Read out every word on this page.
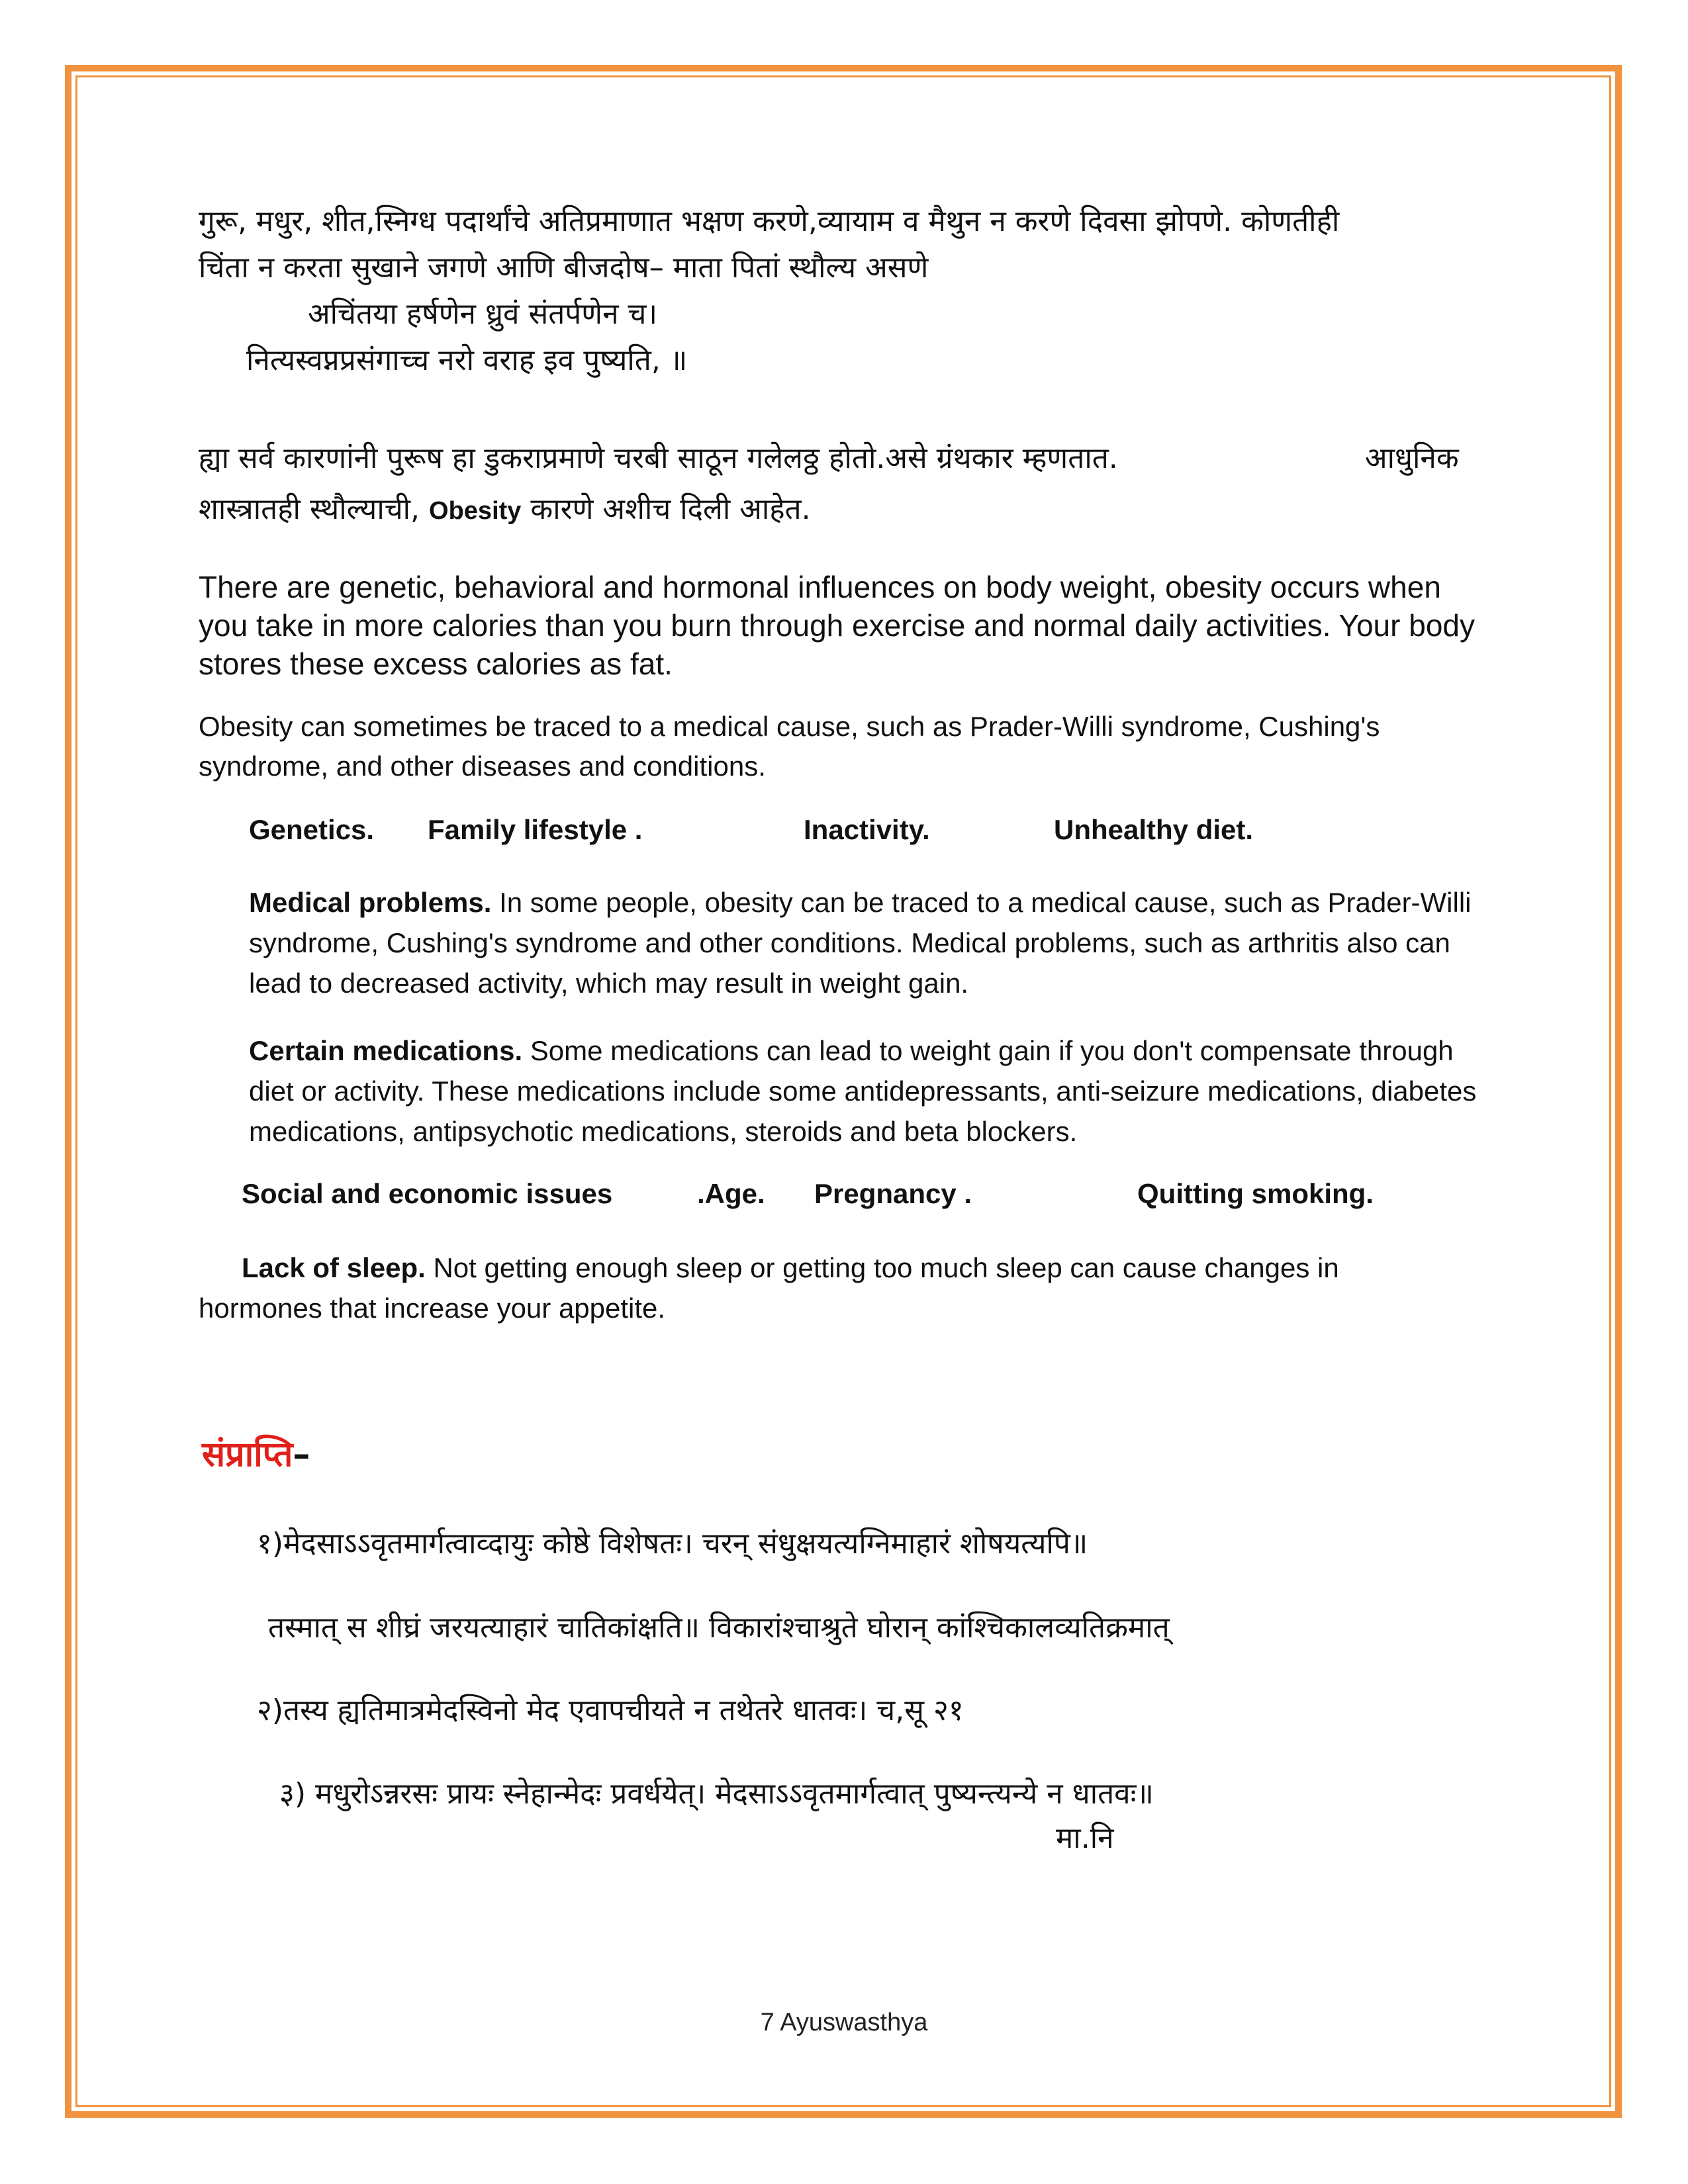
गुरू, मधुर, शीत,स्निग्ध पदार्थांचे अतिप्रमाणात भक्षण करणे,व्यायाम व मैथुन न करणे दिवसा झोपणे. कोणतीही

चिंता न करता सुखाने जगणे आणि बीजदोष– माता पितां स्थौल्य असणे

अचिंतया हर्षणेन ध्रुवं संतर्पणेन च।

नित्यस्वप्नप्रसंगाच्च नरो वराह इव पुष्यति, ॥

ह्या सर्व कारणांनी पुरूष हा डुकराप्रमाणे चरबी साठून गलेलठ्ठ होतो.असे ग्रंथकार म्हणतात.	आधुनिक

शास्त्रातही स्थौल्याची, Obesity कारणे अशीच दिली आहेत.

There are genetic, behavioral and hormonal influences on body weight, obesity occurs when you take in more calories than you burn through exercise and normal daily activities. Your body stores these excess calories as fat.

Obesity can sometimes be traced to a medical cause, such as Prader-Willi syndrome, Cushing's syndrome, and other diseases and conditions.

Genetics. Family lifestyle .	Inactivity.	Unhealthy diet.

Medical problems. In some people, obesity can be traced to a medical cause, such as Prader-Willi syndrome, Cushing's syndrome and other conditions. Medical problems, such as arthritis also can lead to decreased activity, which may result in weight gain.

Certain medications. Some medications can lead to weight gain if you don't compensate through diet or activity. These medications include some antidepressants, anti-seizure medications, diabetes medications, antipsychotic medications, steroids and beta blockers.

Social and economic issues	.Age. Pregnancy .	Quitting smoking.

Lack of sleep. Not getting enough sleep or getting too much sleep can cause changes in hormones that increase your appetite.

संप्राप्ति–
१)मेदसाऽऽवृतमार्गत्वाव्दायुः कोष्ठे विशेषतः। चरन् संधुक्षयत्यग्निमाहारं शोषयत्यपि॥
तस्मात् स शीघ्रं जरयत्याहारं चातिकांक्षति॥ विकारांश्चाश्रुते घोरान् कांश्चिकालव्यतिक्रमात्
२)तस्य ह्यतिमात्रमेदस्विनो मेद एवापचीयते न तथेतरे धातवः। च,सू २१
३) मधुरोऽन्नरसः प्रायः स्नेहान्मेदः प्रवर्धयेत्। मेदसाऽऽवृतमार्गत्वात् पुष्यन्त्यन्ये न धातवः॥
मा.नि
7 Ayuswasthya
